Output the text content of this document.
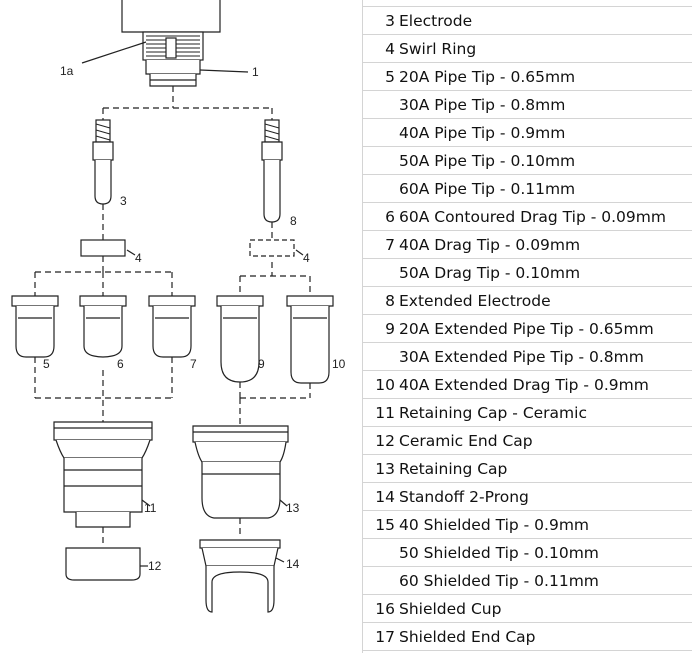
1a	1
3
8
4	4
5	6	7	9	10
11	13
12	14
3	Electrode
4	Swirl Ring
5	20A Pipe Tip - 0.65mm
	30A Pipe Tip - 0.8mm
	40A Pipe Tip - 0.9mm
	50A Pipe Tip - 0.10mm
	60A Pipe Tip - 0.11mm
6	60A Contoured Drag Tip - 0.09mm
7	40A Drag Tip - 0.09mm
	50A Drag Tip - 0.10mm
8	Extended Electrode
9	20A Extended Pipe Tip - 0.65mm
	30A Extended Pipe Tip - 0.8mm
10	40A Extended Drag Tip - 0.9mm
11	Retaining Cap - Ceramic
12	Ceramic End Cap
13	Retaining Cap
14	Standoff 2-Prong
15	40 Shielded Tip - 0.9mm
	50 Shielded Tip - 0.10mm
	60 Shielded Tip - 0.11mm
16	Shielded Cup
17	Shielded End Cap
